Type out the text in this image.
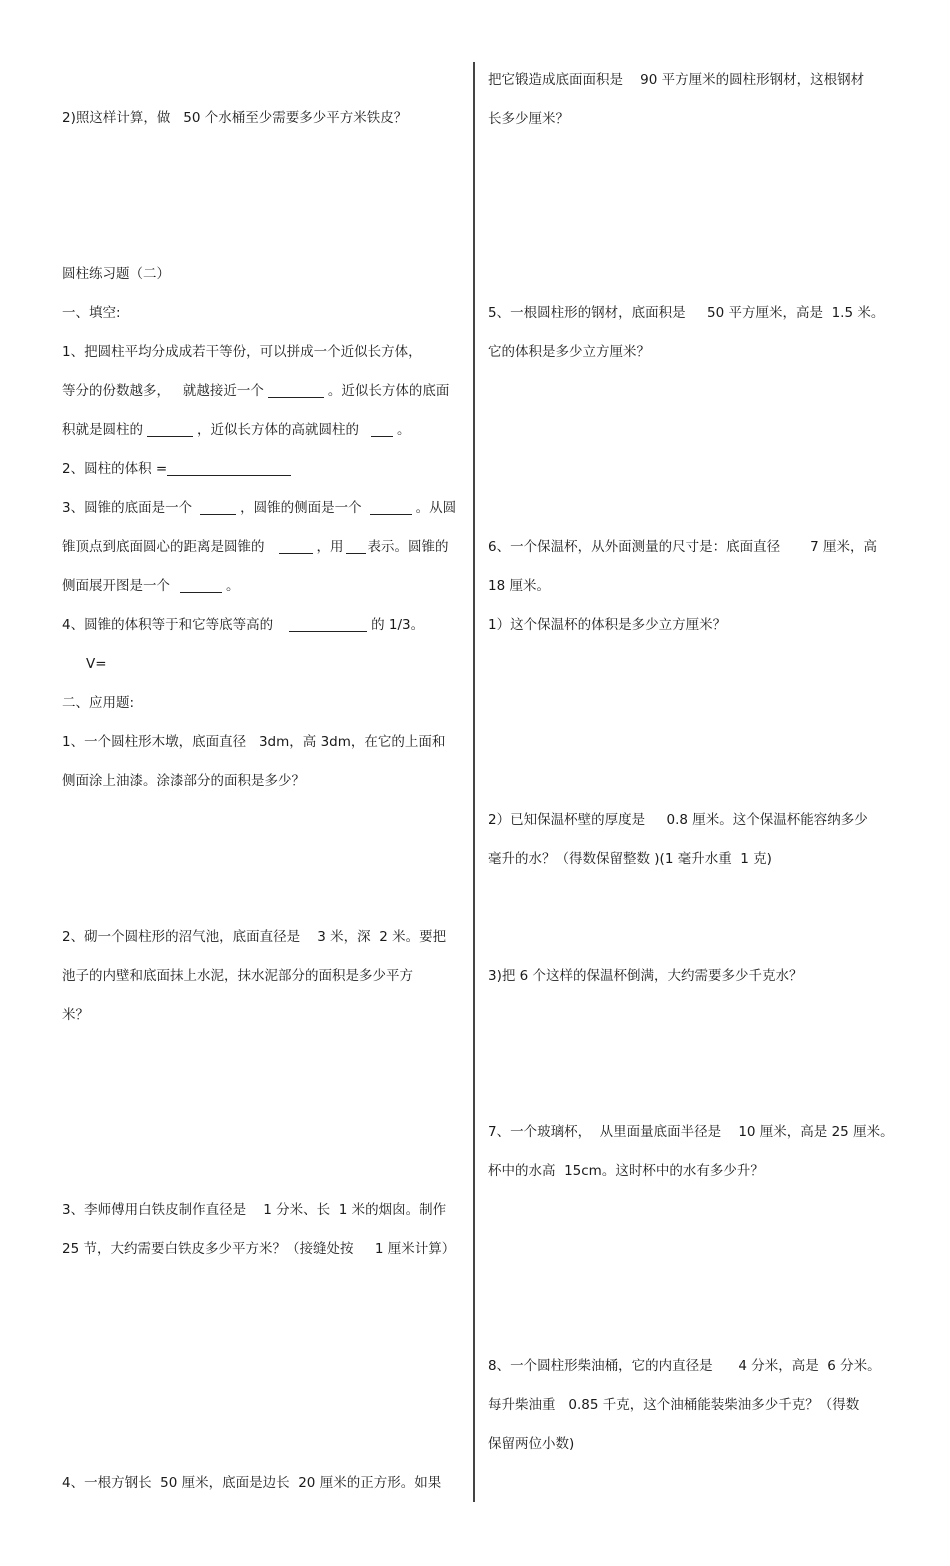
2)照这样计算，做   50 个水桶至少需要多少平方米铁皮？
圆柱练习题（二）
一、填空:
1、把圆柱平均分成成若干等份，可以拼成一个近似长方体，
等分的份数越多，   就越接近一个	。近似长方体的底面
积就是圆柱的	，近似长方体的高就圆柱的	。
2、圆柱的体积 =
3、圆锥的底面是一个	，圆锥的侧面是一个	。从圆
锥顶点到底面圆心的距离是圆锥的	，用 表示。圆锥的
侧面展开图是一个	。
4、圆锥的体积等于和它等底等高的	的 1/3。
V=
二、应用题:
1、一个圆柱形木墩，底面直径   3dm，高 3dm，在它的上面和
侧面涂上油漆。涂漆部分的面积是多少？
2、砌一个圆柱形的沼气池，底面直径是    3 米，深  2 米。要把
池子的内壁和底面抹上水泥，抹水泥部分的面积是多少平方
米？
3、李师傅用白铁皮制作直径是    1 分米、长  1 米的烟囱。制作
25 节，大约需要白铁皮多少平方米？（接缝处按     1 厘米计算）
4、一根方钢长  50 厘米，底面是边长  20 厘米的正方形。如果
把它锻造成底面面积是    90 平方厘米的圆柱形钢材，这根钢材
长多少厘米？
5、一根圆柱形的钢材，底面积是     50 平方厘米，高是  1.5 米。
它的体积是多少立方厘米？
6、一个保温杯，从外面测量的尺寸是：底面直径       7 厘米，高
18 厘米。
1）这个保温杯的体积是多少立方厘米？
2）已知保温杯壁的厚度是     0.8 厘米。这个保温杯能容纳多少
毫升的水？（得数保留整数 )(1 毫升水重  1 克)
3)把 6 个这样的保温杯倒满，大约需要多少千克水？
7、一个玻璃杯，  从里面量底面半径是    10 厘米，高是 25 厘米。
杯中的水高  15cm。这时杯中的水有多少升？
8、一个圆柱形柴油桶，它的内直径是      4 分米，高是  6 分米。
每升柴油重   0.85 千克，这个油桶能装柴油多少千克？（得数
保留两位小数)
